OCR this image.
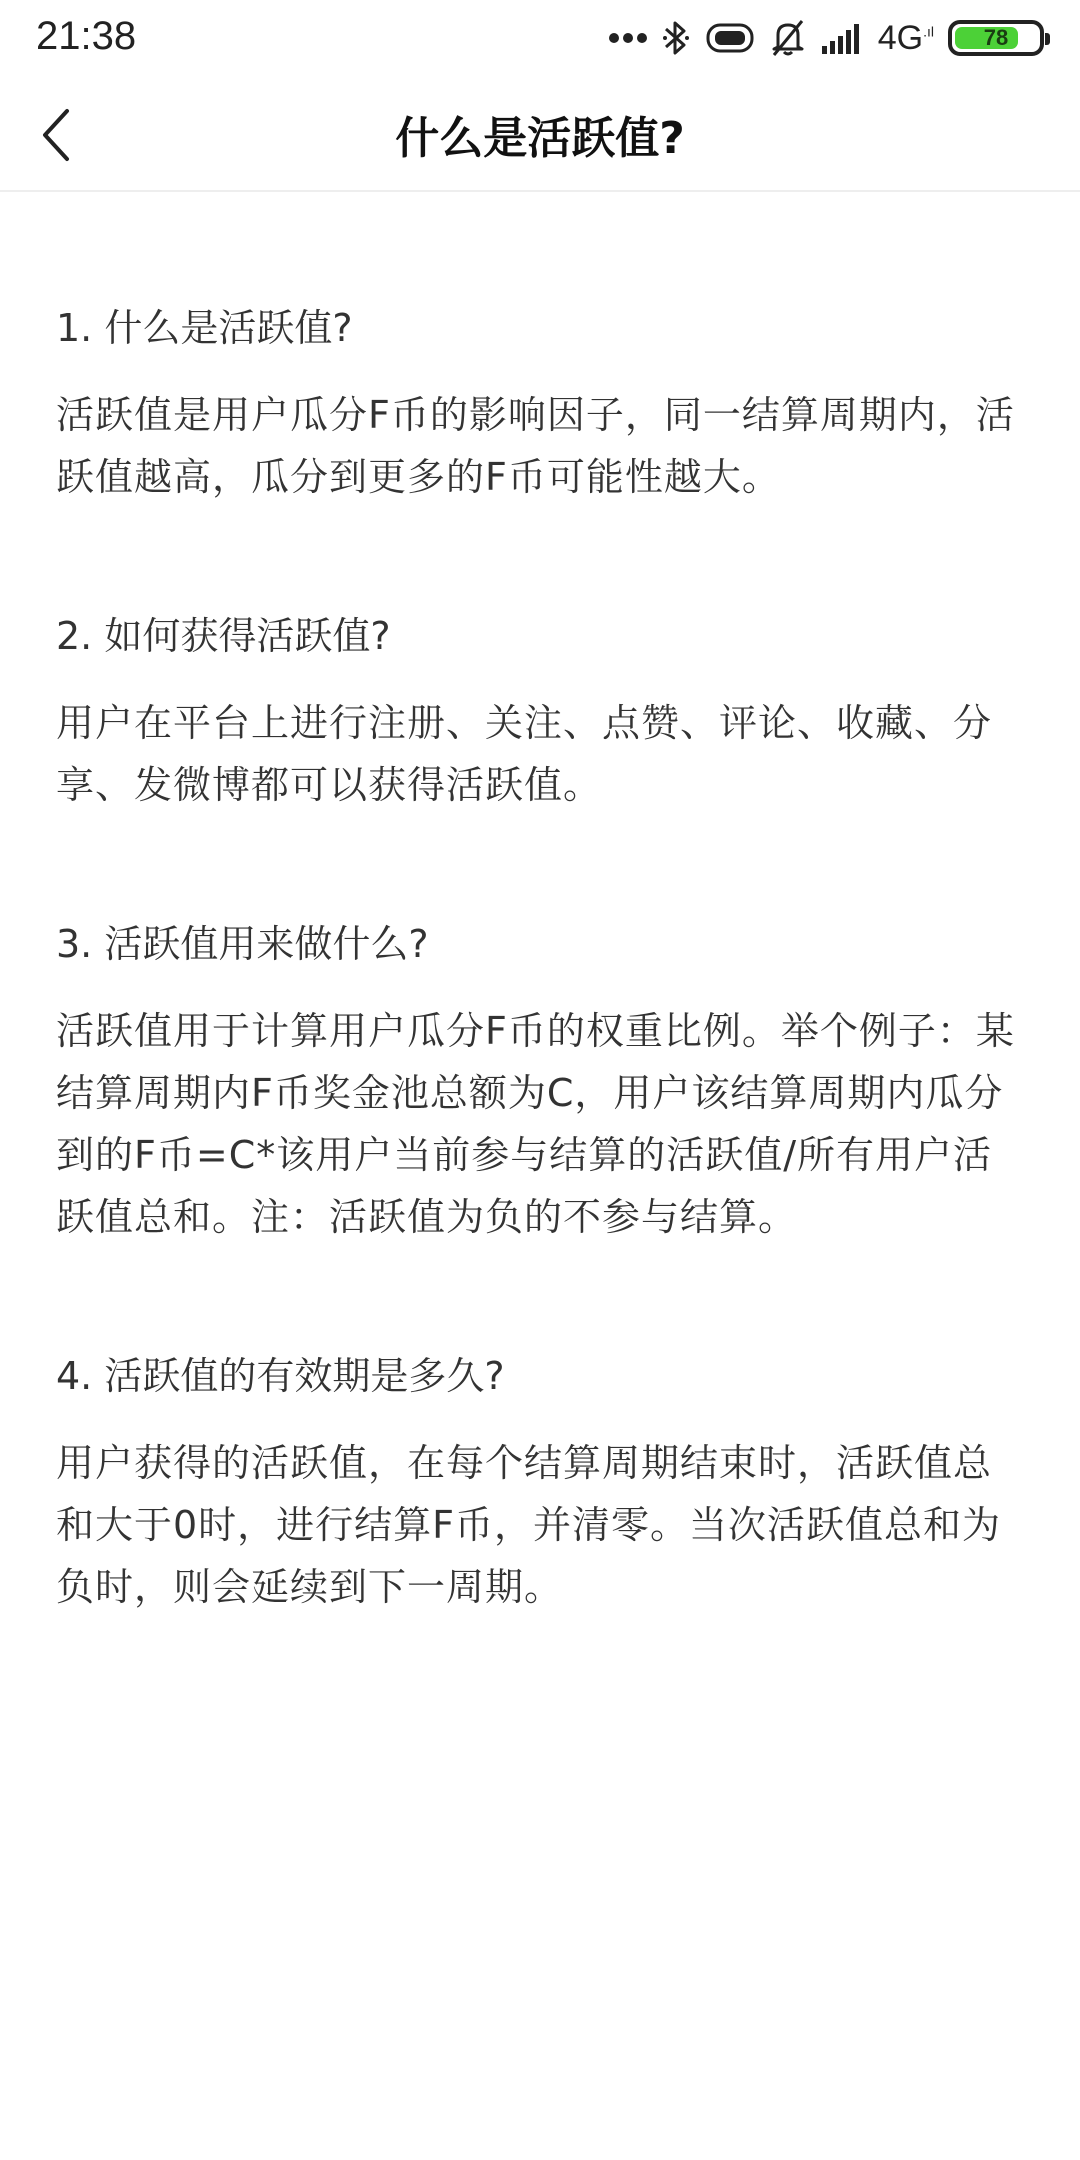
21:38	$4G^{.ıl}$ 78
什么是活跃值?
1. 什么是活跃值?

活跃值是用户瓜分F币的影响因子，同一结算周期内，活跃值越高，瓜分到更多的F币可能性越大。

2. 如何获得活跃值?

用户在平台上进行注册、关注、点赞、评论、收藏、分享、发微博都可以获得活跃值。

3. 活跃值用来做什么?

活跃值用于计算用户瓜分F币的权重比例。举个例子：某结算周期内F币奖金池总额为C，用户该结算周期内瓜分到的F币=C*该用户当前参与结算的活跃值/所有用户活跃值总和。注：活跃值为负的不参与结算。

4. 活跃值的有效期是多久?

用户获得的活跃值，在每个结算周期结束时，活跃值总和大于0时，进行结算F币，并清零。当次活跃值总和为负时，则会延续到下一周期。
